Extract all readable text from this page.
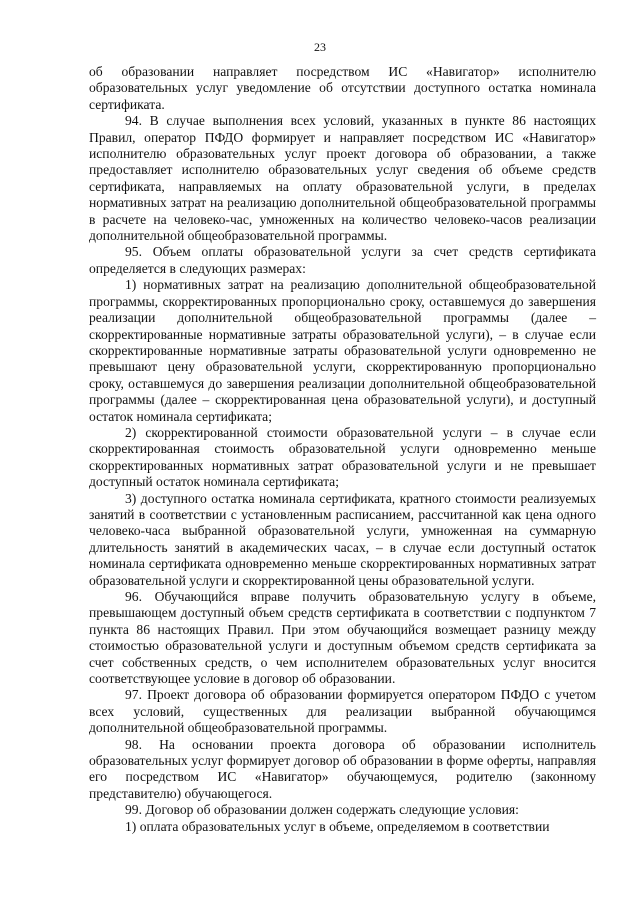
23

об образовании направляет посредством ИС «Навигатор» исполнителю образовательных услуг уведомление об отсутствии доступного остатка номинала сертификата.

94. В случае выполнения всех условий, указанных в пункте 86 настоящих Правил, оператор ПФДО формирует и направляет посредством ИС «Навигатор» исполнителю образовательных услуг проект договора об образовании, а также предоставляет исполнителю образовательных услуг сведения об объеме средств сертификата, направляемых на оплату образовательной услуги, в пределах нормативных затрат на реализацию дополнительной общеобразовательной программы в расчете на человеко-час, умноженных на количество человеко-часов реализации дополнительной общеобразовательной программы.

95. Объем оплаты образовательной услуги за счет средств сертификата определяется в следующих размерах:

1) нормативных затрат на реализацию дополнительной общеобразовательной программы, скорректированных пропорционально сроку, оставшемуся до завершения реализации дополнительной общеобразовательной программы (далее – скорректированные нормативные затраты образовательной услуги), – в случае если скорректированные нормативные затраты образовательной услуги одновременно не превышают цену образовательной услуги, скорректированную пропорционально сроку, оставшемуся до завершения реализации дополнительной общеобразовательной программы (далее – скорректированная цена образовательной услуги), и доступный остаток номинала сертификата;

2) скорректированной стоимости образовательной услуги – в случае если скорректированная стоимость образовательной услуги одновременно меньше скорректированных нормативных затрат образовательной услуги и не превышает доступный остаток номинала сертификата;

3) доступного остатка номинала сертификата, кратного стоимости реализуемых занятий в соответствии с установленным расписанием, рассчитанной как цена одного человеко-часа выбранной образовательной услуги, умноженная на суммарную длительность занятий в академических часах, – в случае если доступный остаток номинала сертификата одновременно меньше скорректированных нормативных затрат образовательной услуги и скорректированной цены образовательной услуги.

96. Обучающийся вправе получить образовательную услугу в объеме, превышающем доступный объем средств сертификата в соответствии с подпунктом 7 пункта 86 настоящих Правил. При этом обучающийся возмещает разницу между стоимостью образовательной услуги и доступным объемом средств сертификата за счет собственных средств, о чем исполнителем образовательных услуг вносится соответствующее условие в договор об образовании.

97. Проект договора об образовании формируется оператором ПФДО с учетом всех условий, существенных для реализации выбранной обучающимся дополнительной общеобразовательной программы.

98. На основании проекта договора об образовании исполнитель образовательных услуг формирует договор об образовании в форме оферты, направляя его посредством ИС «Навигатор» обучающемуся, родителю (законному представителю) обучающегося.

99. Договор об образовании должен содержать следующие условия:

1) оплата образовательных услуг в объеме, определяемом в соответствии
